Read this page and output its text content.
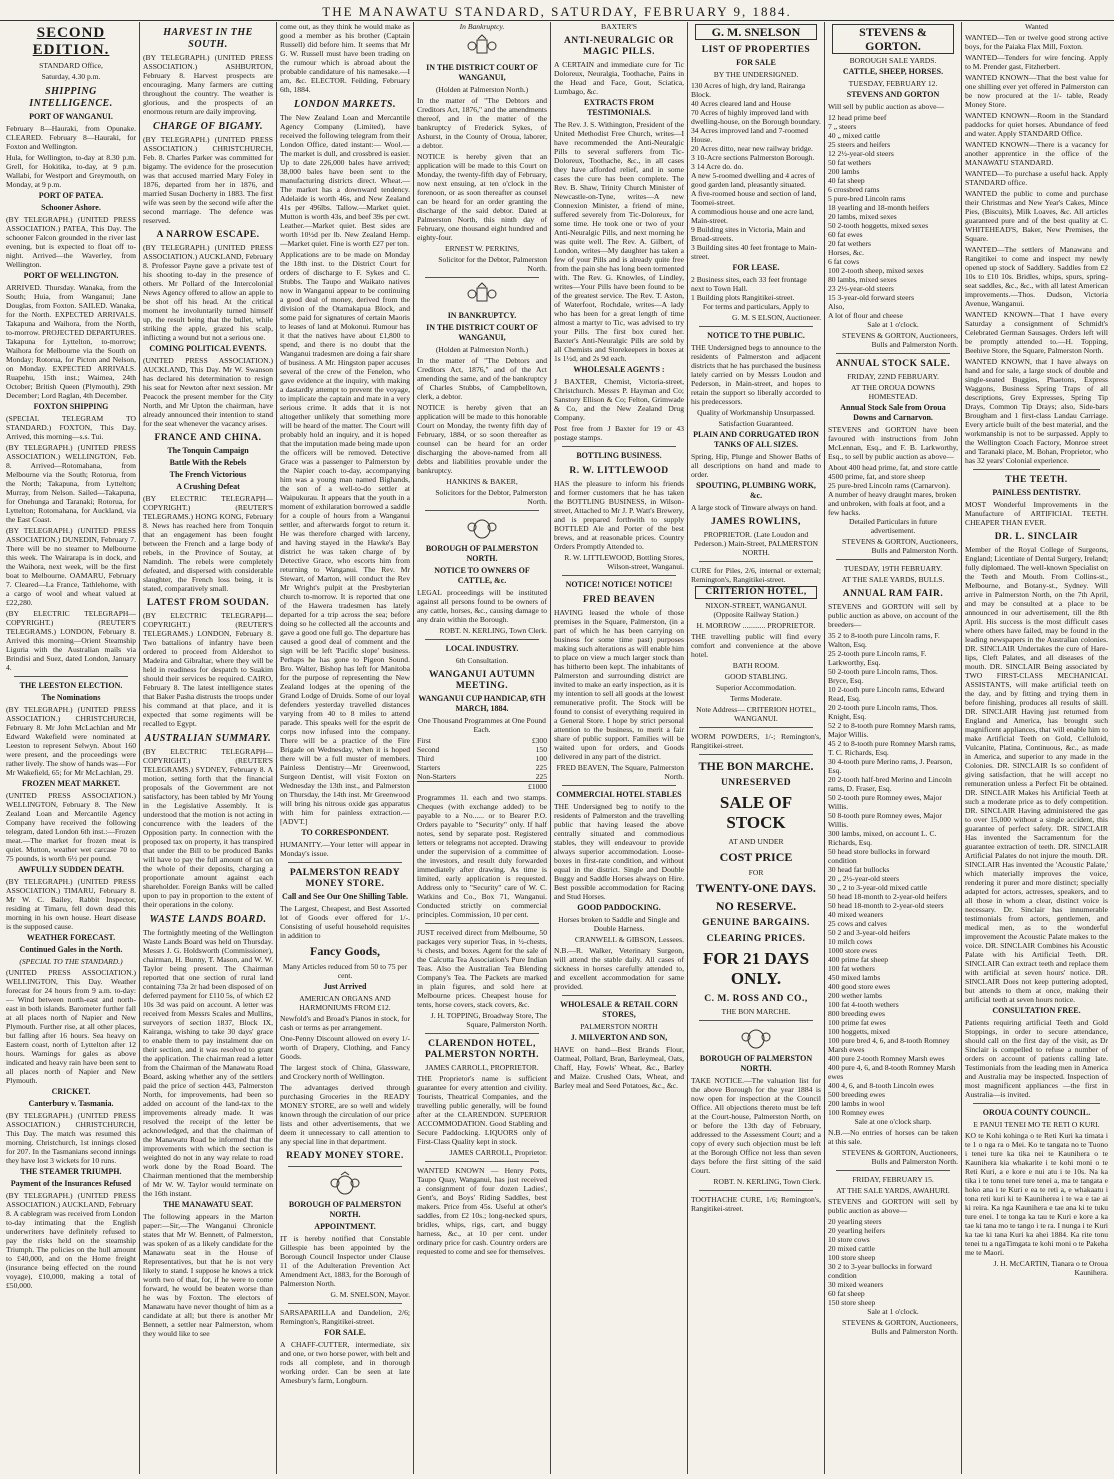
THE MANAWATU STANDARD, SATURDAY, FEBRUARY 9, 1884.
SECOND EDITION.

STANDARD Office,

Saturday, 4.30 p.m.

SHIPPING INTELLIGENCE.
PORT OF WANGANUI.

February 8—Hauraki, from Opunake. CLEARED. February 8—Hauraki, for Foxton and Wellington.

Hula, for Wellington, to-day at 8.30 p.m. Grell, for Hokitika, to-day, at 9 p.m. Wallabi, for Westport and Greymouth, on Monday, at 9 p.m.

PORT OF PATEA.
Schooner Ashore.

(BY TELEGRAPH.) (UNITED PRESS ASSOCIATION.) PATEA, This Day. The schooner Falcon grounded in the river last evening, but is expected to float off to-night. Arrived—the Waverley, from Wellington.

PORT OF WELLINGTON.

ARRIVED. Thursday. Wanaka, from the South; Huia, from Wanganui; Jane Douglas, from Foxton. SAILED. Wanaka, for the North. EXPECTED ARRIVALS. Takapuna and Waihora, from the North, to-morrow. PROJECTED DEPARTURES. Takapuna for Lyttelton, to-morrow; Waihora for Melbourne via the South on Monday; Rotorua, for Picton and Nelson, on Monday. EXPECTED ARRIVALS. Ruapehu, 15th inst.; Waimea, 24th October; British Queen (Plymouth), 29th December; Lord Raglan, 4th December.

FOXTON SHIPPING

(SPECIAL TELEGRAM TO STANDARD.) FOXTON, This Day. Arrived, this morning—s.s. Tui.

(BY TELEGRAPH.) (UNITED PRESS ASSOCIATION.) WELLINGTON, Feb. 8. Arrived—Rotomahana, from Melbourne via the South; Rotorua, from the North; Takapuna, from Lyttelton; Murray, from Nelson. Sailed—Takapuna, for Onehunga and Taranaki; Rotorua, for Lyttelton; Rotomahana, for Auckland, via the East Coast.

(BY TELEGRAPH.) (UNITED PRESS ASSOCIATION.) DUNEDIN, February 7. There will be no steamer to Melbourne this week. The Wairarapa is in dock, and the Waihora, next week, will be the first boat to Melbourne. OAMARU, February 7. Cleared—La France, Tathlehome, with a cargo of wool and wheat valued at £22,280.

(BY ELECTRIC TELEGRAPH—COPYRIGHT.) (REUTER'S TELEGRAMS.) LONDON, February 8. Arrived this morning—Orient Steamship Liguria with the Australian mails via Brindisi and Suez, dated London, January 4.

THE LEESTON ELECTION.
The Nominations

(BY TELEGRAPH.) (UNITED PRESS ASSOCIATION.) CHRISTCHURCH, February 8. Mr John McLachlan and Mr Edward Wakefield were nominated at Leeston to represent Selwyn. About 160 were present, and the proceedings were rather lively. The show of hands was—For Mr Wakefield, 65; for Mr McLachlan, 29.

FROZEN MEAT MARKET.

(UNITED PRESS ASSOCIATION.) WELLINGTON, February 8. The New Zealand Loan and Mercantile Agency Company have received the following telegram, dated London 6th inst.:—Frozen meat.—The market for frozen meat is quiet. Mutton, weather wet carcase 70 to 75 pounds, is worth 6½ per pound.

AWFULLY SUDDEN DEATH.

(BY TELEGRAPH.) (UNITED PRESS ASSOCIATION.) TIMARU, February 8. Mr W. C. Bailey, Rabbit Inspector, residing at Timaru, fell down dead this morning in his own house. Heart disease is the supposed cause.

WEATHER FORECAST.
Continued Gales in the North.

(SPECIAL TO THE STANDARD.)

(UNITED PRESS ASSOCIATION.) WELLINGTON, This Day. Weather forecast for 24 hours from 9 a.m. to-day:— Wind between north-east and north-east in both islands. Barometer further fall at all places north of Napier and New Plymouth. Further rise, at all other places, but falling after 16 hours. Sea heavy on Eastern coast, north of Lyttelton after 12 hours. Warnings for gales as above indicated and heavy rain have been sent to all places north of Napier and New Plymouth.

CRICKET.
Canterbury v. Tasmania.

(BY TELEGRAPH.) (UNITED PRESS ASSOCIATION.) CHRISTCHURCH, This Day. The match was resumed this morning. Christchurch, 1st innings closed for 207. In the Tasmanians second innings they have lost 3 wickets for 10 runs.

THE STEAMER TRIUMPH.
Payment of the Insurances Refused

(BY TELEGRAPH.) (UNITED PRESS ASSOCIATION.) AUCKLAND, February 8. A cablegram was received from London to-day intimating that the English underwriters have definitely refused to pay the risks held on the steamship Triumph. The policies on the hull amount to £40,000, and on the Home freight (insurance being effected on the round voyage), £10,000, making a total of £50,000.

HARVEST IN THE SOUTH.

(BY TELEGRAPH.) (UNITED PRESS ASSOCIATION.) ASHBURTON, February 8. Harvest prospects are encouraging. Many farmers are cutting throughout the country. The weather is glorious, and the prospects of an enormous return are daily improving.

CHARGE OF BIGAMY.

(BY TELEGRAPH.) (UNITED PRESS ASSOCIATION.) CHRISTCHURCH, Feb. 8. Charles Parker was committed for bigamy. The evidence for the prosecution was that accused married Mary Foley in 1876, departed from her in 1876, and married Susan Docherty in 1883. The first wife was seen by the second wife after the second marriage. The defence was reserved.

A NARROW ESCAPE.

(BY TELEGRAPH.) (UNITED PRESS ASSOCIATION.) AUCKLAND, February 8. Professor Payne gave a private test of his shooting to-day in the presence of others. Mr Pollard of the Intercolonial News Agency offered to allow an apple to be shot off his head. At the critical moment he involuntarily turned himself up, the result being that the bullet, while striking the apple, grazed his scalp, inflicting a wound but not a serious one.

COMING POLITICAL EVENTS.

(UNITED PRESS ASSOCIATION.) AUCKLAND, This Day. Mr W. Swanson has declared his determination to resign his seat for Newton after next session. Mr Peacock the present member for the City North, and Mr Upton the chairman, have already announced their intention to stand for the seat whenever the vacancy arises.

FRANCE AND CHINA.
The Tonquin Campaign
Battle With the Rebels
The French Victorious
A Crushing Defeat

(BY ELECTRIC TELEGRAPH—COPYRIGHT.) (REUTER'S TELEGRAMS.) HONG KONG, February 8. News has reached here from Tonquin that an engagement has been fought between the French and a large body of rebels, in the Province of Soutay, at Namdinh. The rebels were completely defeated, and dispersed with considerable slaughter, the French loss being, it is stated, comparatively small.

LATEST FROM SOUDAN.

(BY ELECTRIC TELEGRAPH—COPYRIGHT.) (REUTER'S TELEGRAMS.) LONDON, February 8. Two battalions of infantry have been ordered to proceed from Aldershot to Madeira and Gibraltar, where they will be held in readiness for despatch to Suakim should their services be required. CAIRO, February 8. The latest intelligence states that Baker Pasha distrusts the troops under his command at that place, and it is expected that some regiments will be recalled to Egypt.

AUSTRALIAN SUMMARY.

(BY ELECTRIC TELEGRAPH—COPYRIGHT.) (REUTER'S TELEGRAMS.) SYDNEY, February 8. A motion, setting forth that the financial proposals of the Government are not satisfactory, has been tabled by Mr Young in the Legislative Assembly. It is understood that the motion is not acting in concurrence with the leaders of the Opposition party. In connection with the proposed tax on property, it has transpired that under the Bill to be produced Banks will have to pay the full amount of tax on the whole of their deposits, charging a proportionate amount against each shareholder. Foreign Banks will be called upon to pay in proportion to the extent of their operations in the colony.

WASTE LANDS BOARD.

The fortnightly meeting of the Wellington Waste Lands Board was held on Thursday. Messrs J. G. Holdsworth (Commissioner), chairman, H. Bunny, T. Mason, and W. W. Taylor being present. The Chairman reported that one section of rural land containing 73a 2r had been disposed of on deferred payment for £110 5s, of which £2 10s 3d was paid on account. A letter was received from Messrs Scales and Mullins, surveyors of section 1837, Block IX, Kairanga, wishing to take 30 days' grace to enable them to pay instalment due on their section, and it was resolved to grant the application. The chairman read a letter from the Chairman of the Manawatu Road Board, asking whether any of the settlers paid the price of section 443, Palmerston North, for improvements, had been so added on account of the land-tax to the improvements already made. It was resolved the receipt of the letter be acknowledged, and that the chairman of the Manawatu Road be informed that the improvements with which the section is weighted do not in any way relate to road work done by the Road Board. The Chairman mentioned that the membership of Mr W. W. Taylor would terminate on the 16th instant.

THE MANAWATU SEAT.

The following appears in the Marton paper:—Sir,—The Wanganui Chronicle states that Mr W. Bennett, of Palmerston, was spoken of as a likely candidate for the Manawatu seat in the House of Representatives, but that he is not very likely to stand. I suppose he knows a trick worth two of that, for, if he were to come forward, he would be beaten worse than he was by Foxton. The electors of Manawatu have never thought of him as a candidate at all; but there is another Mr Bennett, a settler near Palmerston, whom they would like to see

come out, as they think he would make as good a member as his brother (Captain Russell) did before him. It seems that Mr G. W. Russell must have been trading on the rumour which is abroad about the probable candidature of his namesake.—I am, &c. ELECTOR. Feilding, February 6th, 1884.

LONDON MARKETS.

The New Zealand Loan and Mercantile Agency Company (Limited), have received the following telegram from their London Office, dated instant:— Wool.—The market is dull, and crossbred is easier. Up to date 226,000 bales have arrived; 38,000 bales have been sent to the manufacturing districts direct. Wheat.—The market has a downward tendency. Adelaide is worth 46s, and New Zealand 41s per 496lbs. Tallow.—Market quiet. Mutton is worth 43s, and beef 39s per cwt. Leather.—Market quiet. Best sides are worth 10½d per lb. New Zealand Hemp.—Market quiet. Fine is worth £27 per ton.

Applications are to be made on Monday the 18th inst. to the District Court for orders of discharge to F. Sykes and C. Stubbs. The Taupo and Waikato natives now in Wanganui appear to be continuing a good deal of money, derived from the division of the Otamakapua Block, and some paid for signatures of certain Maoris to leases of land at Mokonui. Rumour has it that the natives have about £1,800 to spend, and there is no doubt that the Wanganui tradesmen are doing a fair share of business. A Mr. Hingston paper accuses several of the crew of the Fenelon, who gave evidence at the inquiry, with making a dastardly attempt to prevent the voyage, to implicate the captain and mate in a very serious crime. It adds that it is not altogether unlikely that something more will be heard of the matter. The Court will probably hold an inquiry, and it is hoped that the imputation made being made upon the officers will be removed. Detective Grace was a passenger to Palmerston by the Napier coach to-day, accompanying him was a young man named Bighands, the son of a well-to-do settler at Waipukurau. It appears that the youth in a moment of exhilaration borrowed a saddle for a couple of hours from a Wanganui settler, and afterwards forgot to return it. He was therefore charged with larceny, and having stayed in the Hawke's Bay district he was taken charge of by Detective Grace, who escorts him from returning to Wanganui. The Rev. Mr Stewart, of Marton, will conduct the Rev Mr Wright's pulpit at the Presbyterian church to-morrow. It is reported that one of the Hawera tradesmen has lately departed for a trip across the sea; before doing so he collected all the accounts and gave a good one full go. The departure has caused a good deal of comment and the sign will be left 'Pacific slope' business. Perhaps he has gone to Pigeon Sound. Bro. Walter, Bishop has left for Manitoba for the purpose of representing the New Zealand lodges at the opening of the Grand Lodge of Druids. Some of our loyal defenders yesterday travelled distances varying from 40 to 8 miles to attend parade. This speaks well for the esprit de corps now infused into the company. There will be a practice of the Fire Brigade on Wednesday, when it is hoped there will be a full muster of members. Painless Dentistry—Mr Greenwood, Surgeon Dentist, will visit Foxton on Wednesday the 13th inst., and Palmerston on Thursday, the 14th inst. Mr Greenwood will bring his nitrous oxide gas apparatus with him for painless extraction.—[ADVT.]

TO CORRESPONDENT.

HUMANITY.—Your letter will appear in Monday's issue.

PALMERSTON READY MONEY STORE.
Call and See Our One Shilling Table.

The Largest, Cheapest, and Best Assorted lot of Goods ever offered for 1/-. Consisting of useful household requisites in addition to

Fancy Goods,

Many Articles reduced from 50 to 75 per cent.

Just Arrived

AMERICAN ORGANS AND HARMONIUMS FROM £12.

Newfold's and Broad's Pianos in stock, for cash or terms as per arrangement.

One-Penny Discount allowed on every 1/- worth of Drapery, Clothing, and Fancy Goods.

The largest stock of China, Glassware, and Crockery north of Wellington.

The advantages derived through purchasing Groceries in the READY MONEY STORE, are so well and widely known through the circulation of our price lists and other advertisements, that we deem it unnecessary to call attention to any special line in that department.

READY MONEY STORE.
BOROUGH OF PALMERSTON NORTH.
APPOINTMENT.

IT is hereby notified that Constable Gillespie has been appointed by the Borough Council Inspector under Clause 11 of the Adulteration Prevention Act Amendment Act, 1883, for the Borough of Palmerston North.

G. M. SNELSON, Mayor.

SARSAPARILLA and Dandelion, 2/6; Remington's, Rangitikei-street.

FOR SALE.

A CHAFF-CUTTER, intermediate, six and one, or two horse power, with belt and rods all complete, and in thorough working order. Can be seen at late Amesbury's farm, Longburn.

In Bankruptcy.

IN THE DISTRICT COURT OF WANGANUI,

(Holden at Palmerston North.)

In the matter of "The Debtors and Creditors Act, 1876," and the amendments thereof, and in the matter of the bankruptcy of Frederick Sykes, of Ashurst, in the County of Oroua, laborer, a debtor.

NOTICE is hereby given that an application will be made to this Court on Monday, the twenty-fifth day of February, now next ensuing, at ten o'clock in the forenoon, or as soon thereafter as counsel can be heard for an order granting the discharge of the said debtor. Dated at Palmerston North, this ninth day of February, one thousand eight hundred and eighty-four.

ERNEST W. PERKINS,

Solicitor for the Debtor, Palmerston North.

IN BANKRUPTCY.
IN THE DISTRICT COURT OF WANGANUI,

(Holden at Palmerston North.)

In the matter of "The Debtors and Creditors Act, 1876," and of the Act amending the same, and of the bankruptcy of Charles Stubbs, of Campbelltown, clerk, a debtor.

NOTICE is hereby given that an application will be made to this honorable Court on Monday, the twenty fifth day of February, 1884, or so soon thereafter as counsel can be heard for an order discharging the above-named from all debts and liabilities provable under the bankruptcy.

HANKINS & BAKER,

Solicitors for the Debtor, Palmerston North.

BOROUGH OF PALMERSTON NORTH.
NOTICE TO OWNERS OF CATTLE, &c.

LEGAL proceedings will be instituted against all persons found to be owners of any cattle, horses, &c., causing damage to any drain within the Borough.

ROBT. N. KERLING, Town Clerk.

LOCAL INDUSTRY.

6th Consultation.

WANGANUI AUTUMN MEETING.
WANGANUI CUP HANDICAP, 6TH MARCH, 1884.

One Thousand Programmes at One Pound Each.

First	£300
Second	150
Third	100
Starters	225
Non-Starters	225

£1000

Programmes 1l. each and two stamps. Cheques (with exchange added) to be payable to a No...... or to Bearer P.O. Orders payable to "Security" only. If half notes, send by separate post. Registered letters or telegrams not accepted. Drawing under the supervision of a committee of the investors, and result duly forwarded immediately after drawing. As time is limited, early application is requested. Address only to "Security" care of W. C. Watkins and Co., Box 71, Wanganui. Conducted strictly on commercial principles. Commission, 10 per cent.

JUST received direct from Melbourne, 50 packages very superior Teas, in ½-chests, ¼ chests, and boxes. Agent for the sale of the Calcutta Tea Association's Pure Indian Teas. Also the Australian Tea Blending Company's Tea. The Packets are marked in plain figures, and sold here at Melbourne prices. Cheapest house for tents, horse covers, stack covers, &c.

J. H. TOPPING, Broadway Store, The Square, Palmerston North.

CLARENDON HOTEL, PALMERSTON NORTH.

JAMES CARROLL, PROPRIETOR.

THE Proprietor's name is sufficient guarantee for every attention and civility. Tourists, Theatrical Companies, and the travelling public generally, will be found after at the CLARENDON. SUPERIOR ACCOMMODATION. Good Stabling and Secure Paddocking. LIQUORS only of First-Class Quality kept in stock.

JAMES CARROLL, Proprietor.

WANTED KNOWN — Henry Potts, Taupo Quay, Wanganui, has just received a consignment of four dozen Ladies', Gent's, and Boys' Riding Saddles, best makers. Price from 45s. Useful at other's saddles, from £2 10s.; long-necked spurs, bridles, whips, rigs, cart, and buggy harness, &c., at 10 per cent. under ordinary price for cash. Country orders are requested to come and see for themselves.

BAXTER'S

ANTI-NEURALGIC OR MAGIC PILLS.

A CERTAIN and immediate cure for Tic Doloreux, Neuralgia, Toothache, Pains in the Head and Face, Gout, Sciatica, Lumbago, &c.

EXTRACTS FROM TESTIMONIALS.

The Rev. J. S. Withington, President of the United Methodist Free Church, writes—I have recommended the Anti-Neuralgic Pills to several sufferers from Tic-Doloreux, Toothache, &c., in all cases they have afforded relief, and in some cases the cure has been complete. The Rev. B. Shaw, Trinity Church Minister of Newcastle-on-Tyne, writes—A new Connexion Minister, a friend of mine, suffered severely from Tic-Doloreux, for some time. He took one or two of your Anti-Neuralgic Pills, and next morning he was quite well. The Rev. A. Gilbert, of London, writes—My daughter has taken a few of your Pills and is already quite free from the pain she has long been tormented with. The Rev. G. Knowles, of Lindley, writes—Your Pills have been found to be of the greatest service. The Rev. T. Aston, of Waterfoot, Rochdale, writes—A lady who has been for a great length of time almost a martyr to Tic, was advised to try your Pills. The first box cured her. Baxter's Anti-Neuralgic Pills are sold by all Chemists and Storekeepers in boxes at 1s 1½d, and 2s 9d each.

WHOLESALE AGENTS :

J BAXTER, Chemist, Victoria-street, Christchurch. Messrs P. Hayman and Co; Sanstory Ellison & Co; Felton, Grimwade & Co, and the New Zealand Drug Company.

Post free from J Baxter for 19 or 43 postage stamps.

BOTTLING BUSINESS.
R. W. LITTLEWOOD

HAS the pleasure to inform his friends and former customers that he has taken the BOTTLING BUSINESS, in Wilson-street, Attached to Mr J. P. Watt's Brewery, and is prepared forthwith to supply BOTTLED Ale and Porter of the best brews, and at reasonable prices. Country Orders Promptly Attended to.

R. W. LITTLEWOOD, Bottling Stores, Wilson-street, Wanganui.

NOTICE! NOTICE! NOTICE!
FRED BEAVEN

HAVING leased the whole of those premises in the Square, Palmerston, (in a part of which he has been carrying on business for some time past) purposes making such alterations as will enable him to place on view a much larger stock than has hitherto been kept. The inhabitants of Palmerston and surrounding district are invited to make an early inspection, as it is my intention to sell all goods at the lowest remunerative profit. The Stock will be found to consist of everything required in a General Store. I hope by strict personal attention to the business, to merit a fair share of public support. Families will be waited upon for orders, and Goods delivered in any part of the district.

FRED BEAVEN, The Square, Palmerston North.

COMMERCIAL HOTEL STABLES

THE Undersigned beg to notify to the residents of Palmerston and the travelling public that having leased the above centrally situated and commodious stables, they will endeavour to provide always superior accommodation. Loose-boxes in first-rate condition, and without equal in the district. Single and Double Buggy and Saddle Horses always on Hire. Best possible accommodation for Racing and Stud Horses.

GOOD PADDOCKING.

Horses broken to Saddle and Single and Double Harness.

CRANWELL & GIBSON, Lessees.

N.B.—R. Walker, Veterinary Surgeon, will attend the stable daily. All cases of sickness in horses carefully attended to, and excellent accommodation for same provided.

WHOLESALE & RETAIL CORN STORES,

PALMERSTON NORTH

J. MILVERTON AND SON,

HAVE on hand—Best Brands Flour, Oatmeal, Pollard, Bran, Barleymeal, Oats, Chaff, Hay, Fowls' Wheat, &c., Barley and Maize. Crushed Oats, Wheat, and Barley meal and Seed Potatoes, &c., &c.

G. M. SNELSON
LIST OF PROPERTIES
FOR SALE

BY THE UNDERSIGNED.

130 Acres of high, dry land, Rairanga Block.

40 Acres cleared land and House

70 Acres of highly improved land with dwelling-house, on the Borough boundary.

34 Acres improved land and 7-roomed House.

20 Acres ditto, near new railway bridge.

3 10-Acre sections Palmerston Borough.

3 14 Acre do. do.

A new 5-roomed dwelling and 4 acres of good garden land, pleasantly situated.

A five-roomed house and section of land, Toomei-street.

A commodious house and one acre land, Main-street.

9 Building sites in Victoria, Main and Broad-streets.

3 Building sites 40 feet frontage to Main-street.

FOR LEASE.

2 Business sites, each 33 feet frontage next to Town Hall.

1 Building plots Rangitikei-street.

For terms and particulars, Apply to

G. M. S ELSON, Auctioneer.

NOTICE TO THE PUBLIC.

THE Undersigned begs to announce to the residents of Palmerston and adjacent districts that he has purchased the business lately carried on by Messrs Loudon and Pederson, in Main-street, and hopes to retain the support so liberally accorded to his predecessors.

Quality of Workmanship Unsurpassed.

Satisfaction Guaranteed.

PLAIN AND CORRUGATED IRON TANKS OF ALL SIZES.

Spring, Hip, Plunge and Shower Baths of all descriptions on hand and made to order.

SPOUTING, PLUMBING WORK, &c.

A large stock of Tinware always on hand.

JAMES ROWLINS,

PROPRIETOR. (Late Loudon and Pederson.) Main-Street, PALMERSTON NORTH.

CURE for Piles, 2/6, internal or external; Remington's, Rangitikei-street.

CRITERION HOTEL,

NIXON-STREET, WANGANUI. (Opposite Railway Station.)

H. MORROW ............ PROPRIETOR.

THE travelling public will find every comfort and convenience at the above hotel.

BATH ROOM.

GOOD STABLING.

Superior Accommodation.

Terms Moderate.

Note Address— CRITERION HOTEL, WANGANUI.

WORM POWDERS, 1/-; Remington's, Rangitikei-street.

THE BON MARCHE.
UNRESERVED
SALE OF STOCK

AT AND UNDER

COST PRICE

FOR

TWENTY-ONE DAYS.
NO RESERVE.
GENUINE BARGAINS.
CLEARING PRICES.
FOR 21 DAYS ONLY.
C. M. ROSS AND CO.,

THE BON MARCHE.

BOROUGH OF PALMERSTON NORTH.

TAKE NOTICE.—The valuation list for the above Borough for the year 1884 is now open for inspection at the Council Office. All objections thereto must be left at the Court-house, Palmerston North, on or before the 13th day of February, addressed to the Assessment Court; and a copy of every such objection must be left at the Borough Office not less than seven days before the first sitting of the said Court.

ROBT. N. KERLING, Town Clerk.

TOOTHACHE CURE, 1/6; Remington's, Rangitikei-street.

STEVENS & GORTON.

BOROUGH SALE YARDS.

CATTLE, SHEEP, HORSES.

TUESDAY, FEBRUARY 12.

STEVENS AND GORTON

Will sell by public auction as above—

12 head prime beef

7 „ steers

40 „ mixed cattle

25 steers and heifers

12 2½-year-old steers

50 fat wethers

200 lambs

40 fat sheep

6 crossbred rams

5 pure-bred Lincoln rams

18 yearling and 18-month heifers

20 lambs, mixed sexes

50 2-tooth hoggetts, mixed sexes

60 fat ewes

20 fat wethers

Horses, &c.

6 fat cows

100 2-tooth sheep, mixed sexes

80 lambs, mixed sexes

23 2½-year-old steers

15 3-year-old forward steers

Also,

A lot of flour and cheese

Sale at 1 o'clock.

STEVENS & GORTON, Auctioneers, Bulls and Palmerston North.

ANNUAL STOCK SALE.

FRIDAY, 22ND FEBRUARY.

AT THE OROUA DOWNS HOMESTEAD.

Annual Stock Sale from Oroua Downs and Carnarvon.

STEVENS and GORTON have been favoured with instructions from John McLennan, Esq., and F. B. Larkworthy, Esq., to sell by public auction as above—

About 400 head prime, fat, and store cattle

4500 prime, fat, and store sheep

25 pure-bred Lincoln rams (Carnarvon).

A number of heavy draught mares, broken and unbroken, with foals at foot, and a few hacks.

Detailed Particulars in future advertisement.

STEVENS & GORTON, Auctioneers, Bulls and Palmerston North.

TUESDAY, 19TH FEBRUARY.

AT THE SALE YARDS, BULLS.

ANNUAL RAM FAIR.

STEVENS and GORTON will sell by public auction as above, on account of the breeders—

35 2 to 8-tooth pure Lincoln rams, F. Walton, Esq.

25 2-tooth pure Lincoln rams, F. Larkworthy, Esq.

50 2-tooth pure Lincoln rams, Thos. Bryce, Esq.

10 2-tooth pure Lincoln rams, Edward Read, Esq.

20 2-tooth pure Lincoln rams, Thos. Knight, Esq.

52 2 to 8-tooth pure Romney Marsh rams, Major Willis.

45 2 to 8-tooth pure Romney Marsh rams, T. C. Richards, Esq.

30 4-tooth pure Merino rams, J. Pearson, Esq.

20 2-tooth half-bred Merino and Lincoln rams, D. Fraser, Esq.

50 2-tooth pure Romney ewes, Major Willis.

50 8-tooth pure Romney ewes, Major Willis.

300 lambs, mixed, on account L. C. Richards, Esq.

50 head store bullocks in forward condition

30 head fat bullocks

20 „ 2½-year-old steers

30 „ 2 to 3-year-old mixed cattle

50 head 18-month to 2-year-old heifers

50 head 18-month to 2-year-old steers

40 mixed weaners

25 cows and calves

50 2 and 3-year-old heifers

10 milch cows

1000 store ewes

400 prime fat sheep

100 fat wethers

450 mixed lambs

400 good store ewes

200 wether lambs

100 fat 4-tooth wethers

800 breeding ewes

100 prime fat ewes

100 hoggetts, mixed

100 pure bred 4, 6, and 8-tooth Romney Marsh ewes

400 pure 2-tooth Romney Marsh ewes

400 pure 4, 6, and 8-tooth Romney Marsh ewes

400 4, 6, and 8-tooth Lincoln ewes

500 breeding ewes

200 lambs in wool

100 Romney ewes

Sale at one o'clock sharp.

N.B.—No entries of horses can be taken at this sale.

STEVENS & GORTON, Auctioneers, Bulls and Palmerston North.

FRIDAY, FEBRUARY 15.

AT THE SALE YARDS, AWAHURI.

STEVENS and GORTON will sell by public auction as above—

20 yearling steers

20 yearling heifers

10 store cows

20 mixed cattle

100 store sheep

30 2 to 3-year bullocks in forward condition

30 mixed weaners

60 fat sheep

150 store sheep

Sale at 1 o'clock.

STEVENS & GORTON, Auctioneers, Bulls and Palmerston North.

Wanted

WANTED—Ten or twelve good strong active boys, for the Paiaka Flax Mill, Foxton.

WANTED—Tenders for wire fencing. Apply to M. Prender gast, Fitzherbert.

WANTED KNOWN—That the best value for one shilling ever yet offered in Palmerston can be now procured at the 1/- table, Ready Money Store.

WANTED KNOWN—Room in the Standard paddocks for quiet horses. Abundance of feed and water. Apply STANDARD Office.

WANTED KNOWN—There is a vacancy for another apprentice in the office of the MANAWATU STANDARD.

WANTED—To purchase a useful hack. Apply STANDARD office.

WANTED the public to come and purchase their Christmas and New Year's Cakes, Mince Pies, (Biscuits), Milk Loaves, &c. All articles guaranteed pure and of the best quality at C. WHITEHEAD'S, Baker, New Premises, the Square.

WANTED—The settlers of Manawatu and Rangitikei to come and inspect my newly opened up stock of Saddlery. Saddles from £2 10s to £10 10s. Bridles, whips, spurs, spring-seat saddles, &c., &c., with all latest American improvements.—Thos. Dudson, Victoria Avenue, Wanganui.

WANTED KNOWN—That I have every Saturday a consignment of Schmidt's Celebrated German Sausages. Orders left will be promptly attended to.—H. Topping, Beehive Store, the Square, Palmerston North.

WANTED KNOWN, that I have always on hand and for sale, a large stock of double and single-seated Buggies, Phaetons, Express Waggons, Business Spring Traps of all descriptions, Grey Expresses, Spring Tip Drays, Common Tip Drays; also, Side-bars Brougham and 1 first-class Landau Carriage. Every article built of the best material, and the workmanship is not to be surpassed. Apply to the Wellington Coach Factory, Monroe street and Taranaki place, M. Bohan, Proprietor, who has 32 years' Colonial experience.

THE TEETH.
PAINLESS DENTISTRY.

MOST Wonderful Improvements in the Manufacture of ARTIFICIAL TEETH. CHEAPER THAN EVER.

DR. L. SINCLAIR

Member of the Royal College of Surgeons, England; Licentiate of Dental Surgery, Ireland; fully diplomaed. The well-known Specialist on the Teeth and Mouth. From Collins-st., Melbourne, and Botany-st., Sydney. Will arrive in Palmerston North, on the 7th April, and may be consulted at a place to be announced in our advertisement, till the 8th April. His success is the most difficult cases where others have failed, may be found in the leading newspapers in the Australian colonies. DR. SINCLAIR Undertakes the cure of Hare-lips, Cleft Palates, and all diseases of the mouth. DR. SINCLAIR Being associated by TWO FIRST-CLASS MECHANICAL ASSISTANTS, will make artificial teeth on the day, and by fitting and trying them in before finishing, produces all results of skill. DR. SINCLAIR Having just returned from England and America, has brought such magnificent appliances, that will enable him to make Artificial Teeth on Gold, Celluloid, Vulcanite, Platina, Continuous, &c., as made in America, and superior to any made in the Colonies. DR. SINCLAIR Is so confident of giving satisfaction, that he will accept no remuneration unless a Perfect Fit be obtained. DR. SINCLAIR Makes his Artificial Teeth at such a moderate price as to defy competition. DR. SINCLAIR Having administered the gas to over 15,000 without a single accident, this guarantee of perfect safety. DR. SINCLAIR Has invented the Sacramentum for the guarantee extraction of teeth. DR. SINCLAIR Artificial Palates do not injure the mouth. DR. SINCLAIR Has invented the 'Acoustic Palate,' which materially improves the voice, rendering it purer and more distinct; specially adapted for actors, actresses, speakers, and to all those in whom a clear, distinct voice is necessary. Dr. Sinclair has innumerable testimonials from actors, gentlemen, and medical men, as to the wonderful improvement the Acoustic Palate makes to the voice. DR. SINCLAIR Combines his Acoustic Palate with his Artificial Teeth. DR. SINCLAIR Can extract teeth and replace them with artificial at seven hours' notice. DR. SINCLAIR Does not keep puttering adopted, but attends to them at once, making their artificial teeth at seven hours notice.

CONSULTATION FREE.

Patients requiring artificial Teeth and Gold Stoppings, in order to secure attendance, should call on the first day of the visit, as Dr Sinclair is compelled to refuse a number of orders on account of patients calling late. Testimonials from the leading men in America and Australia may be inspected. Inspection of most magnificent appliances —the first in Australia—is invited.

OROUA COUNTY COUNCIL.

E PANUI TENEI MO TE RETI O KURI.

KO te Kohi kohinga o te Reti Kuri ka timata i te 1 o nga ra o Mei. Ko te tangata no te Tuono i tenei ture ka tika nei te Kaunihera o te Kaunihera kia whakarite i te kohi moni o te Reti Kuri, a e kore e nui atu i te 10s. Na ka tika i te tonu tenei ture tenei a, ma te tangata e hoko ana i te Kuri e ea te reti a, e whakaatu i tona reti kuri ki te Kauniherea i te wa e tae ai ki reira. Ka nga Kaunihera e tae ana ki te tuku ture enei. I te tonga ka tau te Kuri e kore a ka tae ki tana mo te tango i te ra. I nunga i te Kuri ka tae ki tana Kuri ka ahei 1884. Ka rite tonu tenei tu a ngaTimgata te kohi moni o te Pakeha me te Maori.

J. H. McCARTIN, Tianara o te Oroua Kaunihera.
